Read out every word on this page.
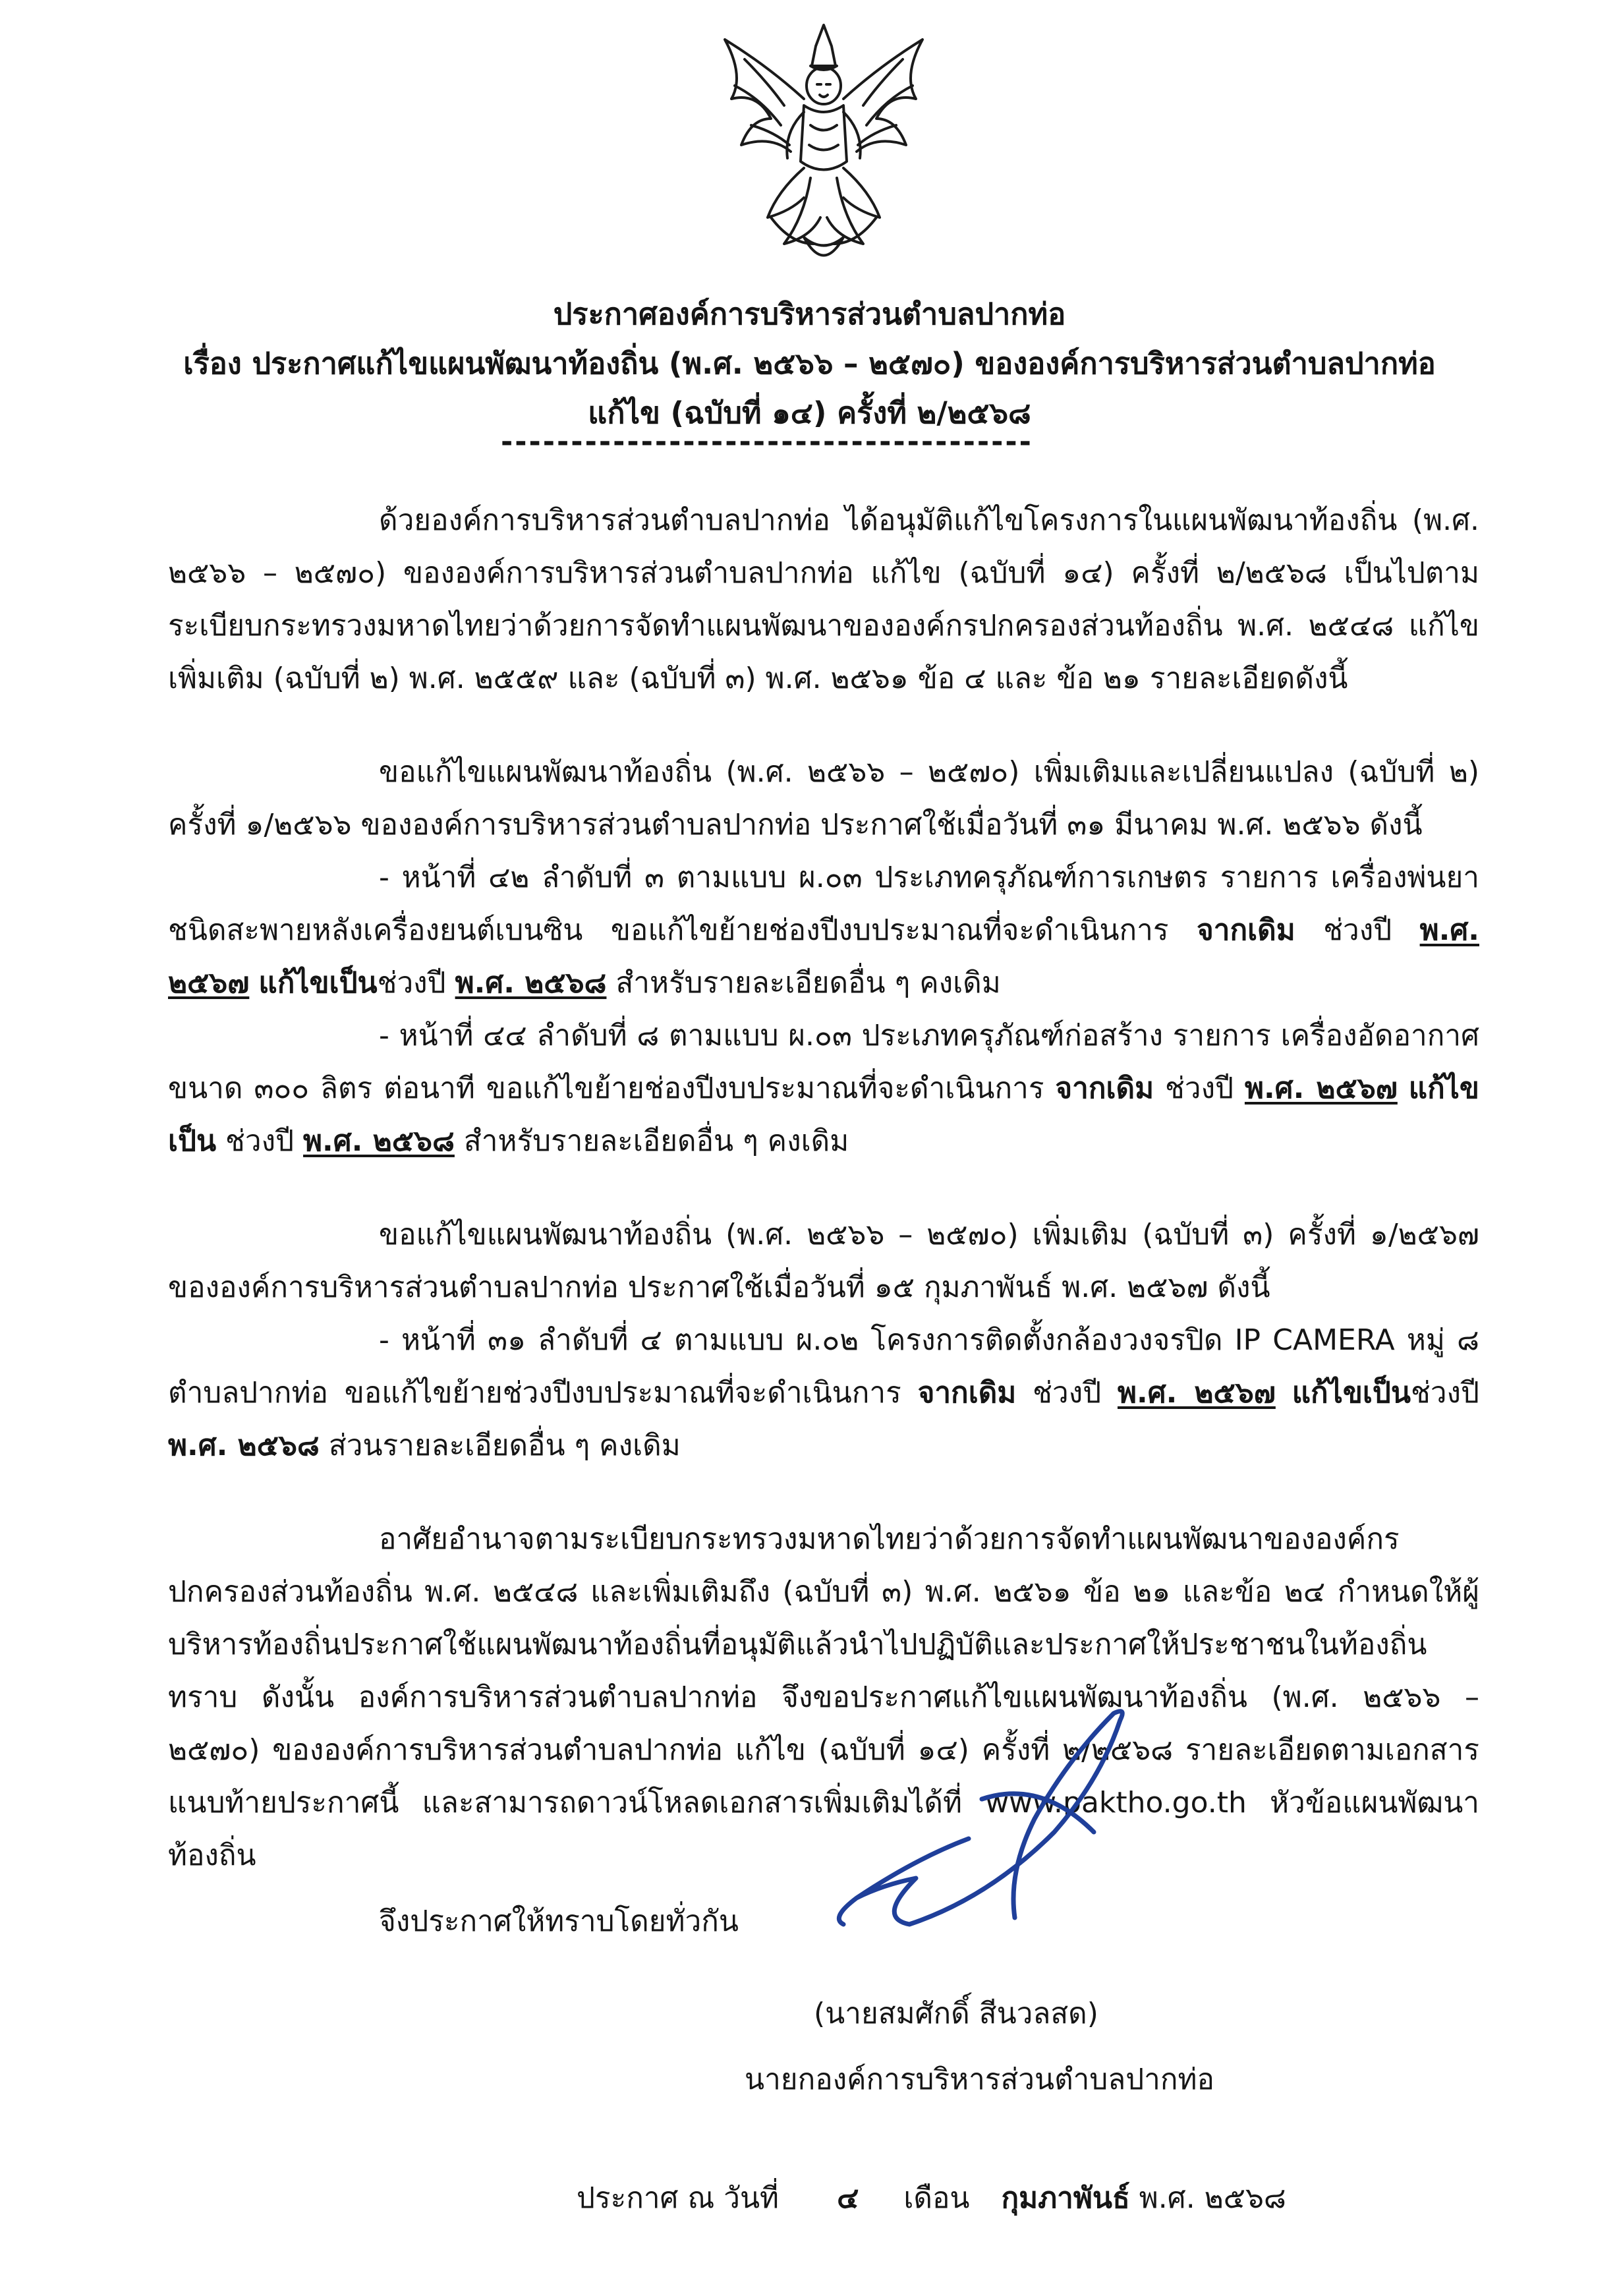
ประกาศองค์การบริหารส่วนตำบลปากท่อ
เรื่อง ประกาศแก้ไขแผนพัฒนาท้องถิ่น (พ.ศ. ๒๕๖๖ – ๒๕๗๐) ขององค์การบริหารส่วนตำบลปากท่อ
แก้ไข (ฉบับที่ ๑๔) ครั้งที่ ๒/๒๕๖๘
--------------------------------------

ด้วยองค์การบริหารส่วนตำบลปากท่อ ได้อนุมัติแก้ไขโครงการในแผนพัฒนาท้องถิ่น (พ.ศ. ๒๕๖๖ – ๒๕๗๐) ขององค์การบริหารส่วนตำบลปากท่อ แก้ไข (ฉบับที่ ๑๔) ครั้งที่ ๒/๒๕๖๘ เป็นไปตามระเบียบกระทรวงมหาดไทยว่าด้วยการจัดทำแผนพัฒนาขององค์กรปกครองส่วนท้องถิ่น พ.ศ. ๒๕๔๘ แก้ไขเพิ่มเติม (ฉบับที่ ๒) พ.ศ. ๒๕๕๙ และ (ฉบับที่ ๓) พ.ศ. ๒๕๖๑ ข้อ ๔ และ ข้อ ๒๑ รายละเอียดดังนี้

ขอแก้ไขแผนพัฒนาท้องถิ่น (พ.ศ. ๒๕๖๖ – ๒๕๗๐) เพิ่มเติมและเปลี่ยนแปลง (ฉบับที่ ๒) ครั้งที่ ๑/๒๕๖๖ ขององค์การบริหารส่วนตำบลปากท่อ ประกาศใช้เมื่อวันที่ ๓๑ มีนาคม พ.ศ. ๒๕๖๖ ดังนี้

- หน้าที่ ๔๒ ลำดับที่ ๓ ตามแบบ ผ.๐๓ ประเภทครุภัณฑ์การเกษตร รายการ เครื่องพ่นยา ชนิดสะพายหลังเครื่องยนต์เบนซิน ขอแก้ไขย้ายช่องปีงบประมาณที่จะดำเนินการ จากเดิม ช่วงปี พ.ศ. ๒๕๖๗ แก้ไขเป็นช่วงปี พ.ศ. ๒๕๖๘ สำหรับรายละเอียดอื่น ๆ คงเดิม

- หน้าที่ ๔๔ ลำดับที่ ๘ ตามแบบ ผ.๐๓ ประเภทครุภัณฑ์ก่อสร้าง รายการ เครื่องอัดอากาศ ขนาด ๓๐๐ ลิตร ต่อนาที ขอแก้ไขย้ายช่องปีงบประมาณที่จะดำเนินการ จากเดิม ช่วงปี พ.ศ. ๒๕๖๗ แก้ไขเป็น ช่วงปี พ.ศ. ๒๕๖๘ สำหรับรายละเอียดอื่น ๆ คงเดิม

ขอแก้ไขแผนพัฒนาท้องถิ่น (พ.ศ. ๒๕๖๖ – ๒๕๗๐) เพิ่มเติม (ฉบับที่ ๓) ครั้งที่ ๑/๒๕๖๗ ขององค์การบริหารส่วนตำบลปากท่อ ประกาศใช้เมื่อวันที่ ๑๕ กุมภาพันธ์ พ.ศ. ๒๕๖๗ ดังนี้

- หน้าที่ ๓๑ ลำดับที่ ๔ ตามแบบ ผ.๐๒ โครงการติดตั้งกล้องวงจรปิด IP CAMERA หมู่ ๘ ตำบลปากท่อ ขอแก้ไขย้ายช่วงปีงบประมาณที่จะดำเนินการ จากเดิม ช่วงปี พ.ศ. ๒๕๖๗ แก้ไขเป็นช่วงปี พ.ศ. ๒๕๖๘ ส่วนรายละเอียดอื่น ๆ คงเดิม

อาศัยอำนาจตามระเบียบกระทรวงมหาดไทยว่าด้วยการจัดทำแผนพัฒนาขององค์กรปกครองส่วนท้องถิ่น พ.ศ. ๒๕๔๘ และเพิ่มเติมถึง (ฉบับที่ ๓) พ.ศ. ๒๕๖๑ ข้อ ๒๑ และข้อ ๒๔ กำหนดให้ผู้บริหารท้องถิ่นประกาศใช้แผนพัฒนาท้องถิ่นที่อนุมัติแล้วนำไปปฏิบัติและประกาศให้ประชาชนในท้องถิ่นทราบ ดังนั้น องค์การบริหารส่วนตำบลปากท่อ จึงขอประกาศแก้ไขแผนพัฒนาท้องถิ่น (พ.ศ. ๒๕๖๖ – ๒๕๗๐) ขององค์การบริหารส่วนตำบลปากท่อ แก้ไข (ฉบับที่ ๑๔) ครั้งที่ ๒/๒๕๖๘ รายละเอียดตามเอกสารแนบท้ายประกาศนี้ และสามารถดาวน์โหลดเอกสารเพิ่มเติมได้ที่ www.paktho.go.th หัวข้อแผนพัฒนาท้องถิ่น

จึงประกาศให้ทราบโดยทั่วกัน

ประกาศ ณ วันที่ ๔ เดือน กุมภาพันธ์ พ.ศ. ๒๕๖๘
(นายสมศักดิ์ สีนวลสด)
นายกองค์การบริหารส่วนตำบลปากท่อ
